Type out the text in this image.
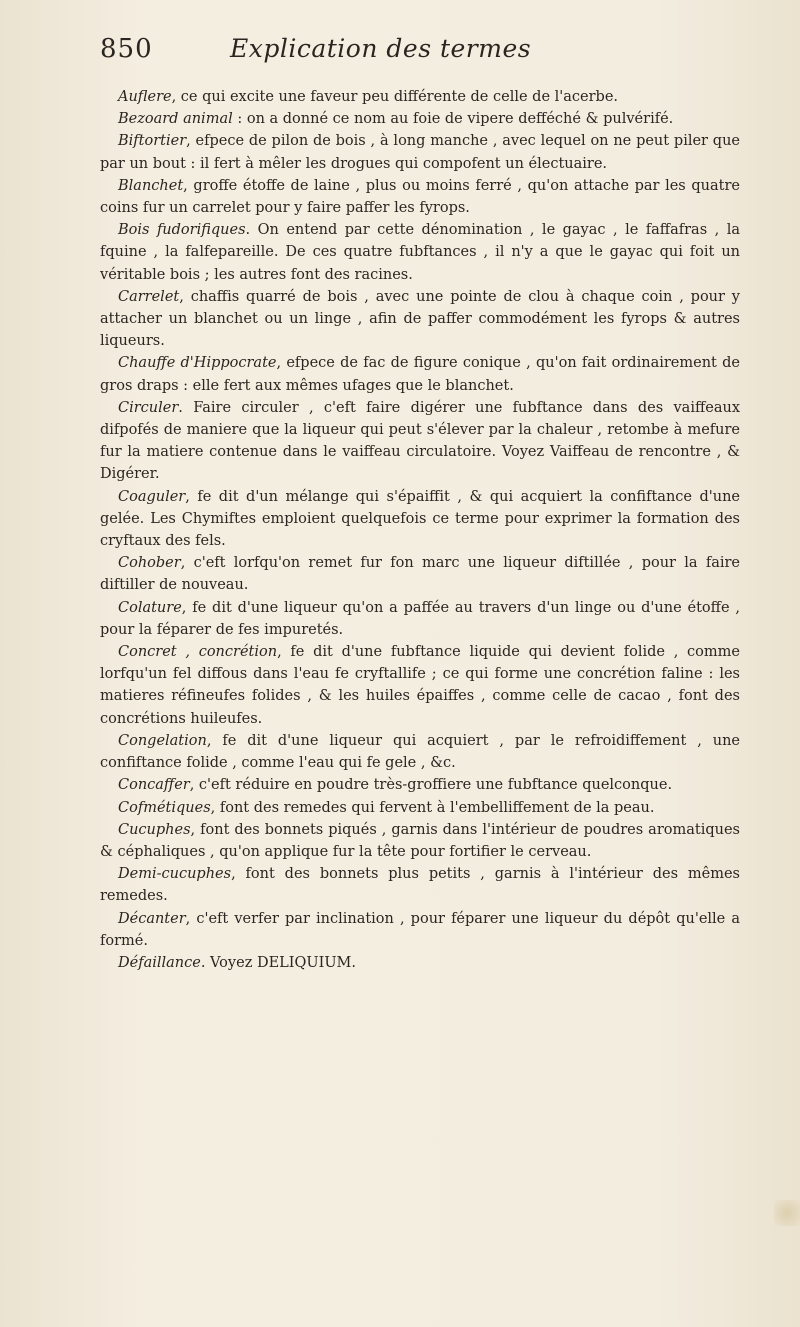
850	Explication des termes

Auflere, ce qui excite une faveur peu différente de celle de l'acerbe.

Bezoard animal : on a donné ce nom au foie de vipere defféché & pulvérifé.

Biftortier, efpece de pilon de bois , à long manche , avec lequel on ne peut piler que par un bout : il fert à mêler les drogues qui compofent un électuaire.

Blanchet, groffe étoffe de laine , plus ou moins ferré , qu'on attache par les quatre coins fur un carrelet pour y faire paffer les fyrops.

Bois fudorifiques. On entend par cette dénomination , le gayac , le faffafras , la fquine , la falfepareille. De ces quatre fubftances , il n'y a que le gayac qui foit un véritable bois ; les autres font des racines.

Carrelet, chaffis quarré de bois , avec une pointe de clou à chaque coin , pour y attacher un blanchet ou un linge , afin de paffer commodément les fyrops & autres liqueurs.

Chauffe d'Hippocrate, efpece de fac de figure conique , qu'on fait ordinairement de gros draps : elle fert aux mêmes ufages que le blanchet.

Circuler. Faire circuler , c'eft faire digérer une fubftance dans des vaiffeaux difpofés de maniere que la liqueur qui peut s'élever par la chaleur , retombe à mefure fur la matiere contenue dans le vaiffeau circulatoire. Voyez Vaiffeau de rencontre , & Digérer.

Coaguler, fe dit d'un mélange qui s'épaiffit , & qui acquiert la confiftance d'une gelée. Les Chymiftes emploient quelquefois ce terme pour exprimer la formation des cryftaux des fels.

Cohober, c'eft lorfqu'on remet fur fon marc une liqueur diftillée , pour la faire diftiller de nouveau.

Colature, fe dit d'une liqueur qu'on a paffée au travers d'un linge ou d'une étoffe , pour la féparer de fes impuretés.

Concret , concrétion, fe dit d'une fubftance liquide qui devient folide , comme lorfqu'un fel diffous dans l'eau fe cryftallife ; ce qui forme une concrétion faline : les matieres réfineufes folides , & les huiles épaiffes , comme celle de cacao , font des concrétions huileufes.

Congelation, fe dit d'une liqueur qui acquiert , par le refroidiffement , une confiftance folide , comme l'eau qui fe gele , &c.

Concaffer, c'eft réduire en poudre très-groffiere une fubftance quelconque.

Cofmétiques, font des remedes qui fervent à l'embelliffement de la peau.

Cucuphes, font des bonnets piqués , garnis dans l'intérieur de poudres aromatiques & céphaliques , qu'on applique fur la tête pour fortifier le cerveau.

Demi-cucuphes, font des bonnets plus petits , garnis à l'intérieur des mêmes remedes.

Décanter, c'eft verfer par inclination , pour féparer une liqueur du dépôt qu'elle a formé.

Défaillance. Voyez DELIQUIUM.
